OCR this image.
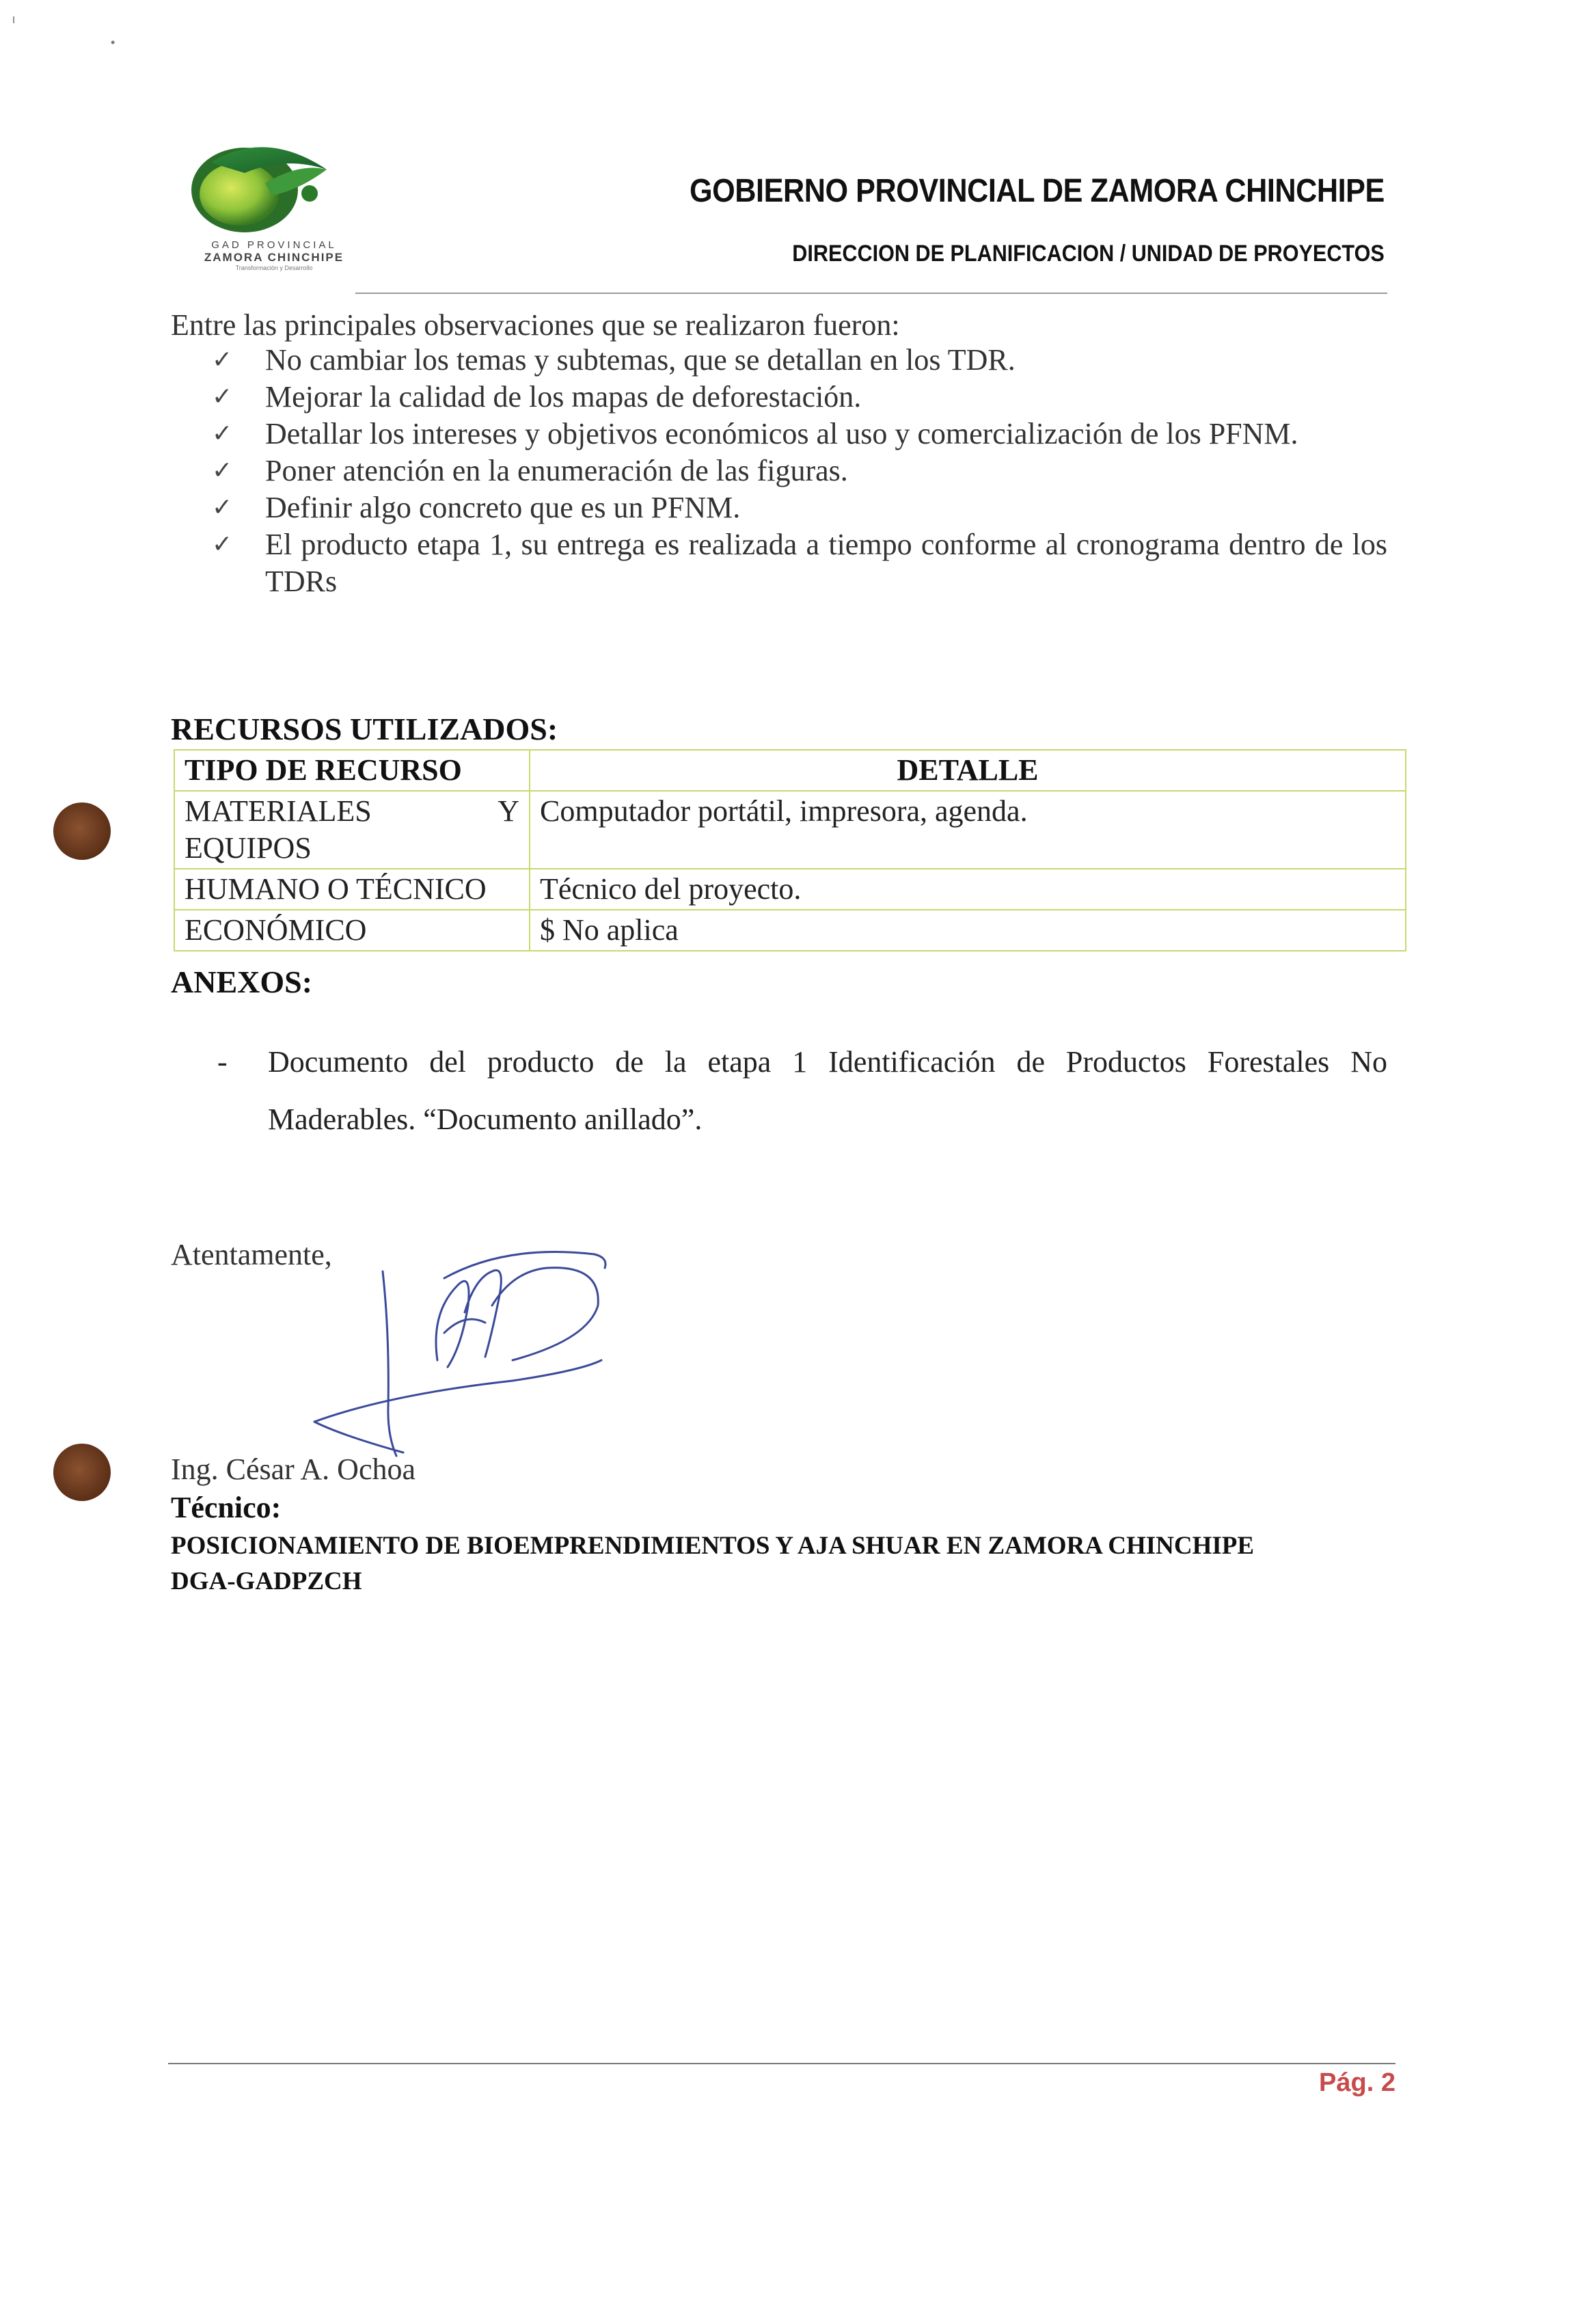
ι
•
GAD PROVINCIAL
ZAMORA CHINCHIPE
Transformación y Desarrollo
GOBIERNO PROVINCIAL DE ZAMORA CHINCHIPE
DIRECCION DE PLANIFICACION / UNIDAD DE PROYECTOS
Entre las principales observaciones que se realizaron fueron:
✓	No cambiar los temas y subtemas, que se detallan en los TDR.
✓	Mejorar la calidad de los mapas de deforestación.
✓	Detallar los intereses y objetivos económicos al uso y comercialización de los PFNM.
✓	Poner atención en la enumeración de las figuras.
✓	Definir algo concreto que es un PFNM.
✓	El producto etapa 1, su entrega es realizada a tiempo conforme al cronograma dentro de los TDRs
RECURSOS UTILIZADOS:
TIPO DE RECURSO	DETALLE
MATERIALES Y EQUIPOS	Computador portátil, impresora, agenda.
HUMANO O TÉCNICO	Técnico del proyecto.
ECONÓMICO	$ No aplica
ANEXOS:
-	Documento del producto de la etapa 1 Identificación de Productos Forestales No Maderables. “Documento anillado”.
Atentamente,
Ing. César A. Ochoa
Técnico:
POSICIONAMIENTO DE BIOEMPRENDIMIENTOS Y AJA SHUAR EN ZAMORA CHINCHIPE
DGA-GADPZCH
Pág. 2
